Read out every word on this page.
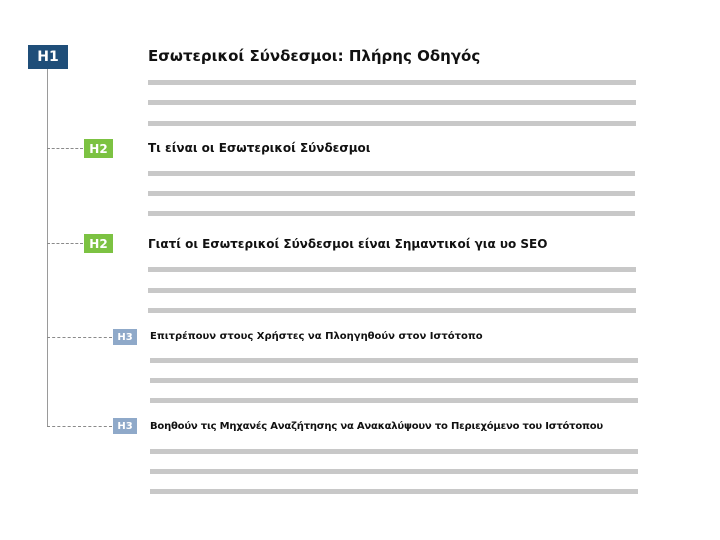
H1	Εσωτερικοί Σύνδεσμοι: Πλήρης Οδηγός
H2	Τι είναι οι Εσωτερικοί Σύνδεσμοι
H2	Γιατί οι Εσωτερικοί Σύνδεσμοι είναι Σημαντικοί για υο SEO
H3	Επιτρέπουν στους Χρήστες να Πλοηγηθούν στον Ιστότοπο
H3	Βοηθούν τις Μηχανές Αναζήτησης να Ανακαλύψουν το Περιεχόμενο του Ιστότοπου
